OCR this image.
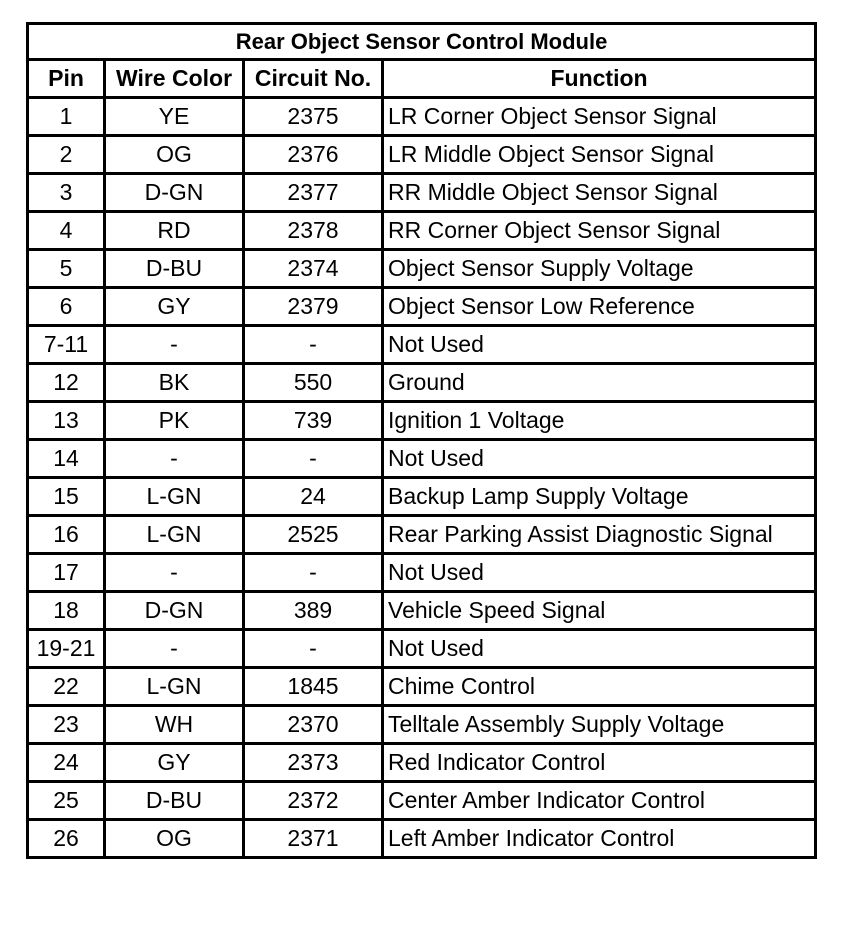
Rear Object Sensor Control Module			
Pin	Wire Color	Circuit No.	Function
1	YE	2375	LR Corner Object Sensor Signal
2	OG	2376	LR Middle Object Sensor Signal
3	D-GN	2377	RR Middle Object Sensor Signal
4	RD	2378	RR Corner Object Sensor Signal
5	D-BU	2374	Object Sensor Supply Voltage
6	GY	2379	Object Sensor Low Reference
7-11	-	-	Not Used
12	BK	550	Ground
13	PK	739	Ignition 1 Voltage
14	-	-	Not Used
15	L-GN	24	Backup Lamp Supply Voltage
16	L-GN	2525	Rear Parking Assist Diagnostic Signal
17	-	-	Not Used
18	D-GN	389	Vehicle Speed Signal
19-21	-	-	Not Used
22	L-GN	1845	Chime Control
23	WH	2370	Telltale Assembly Supply Voltage
24	GY	2373	Red Indicator Control
25	D-BU	2372	Center Amber Indicator Control
26	OG	2371	Left Amber Indicator Control
